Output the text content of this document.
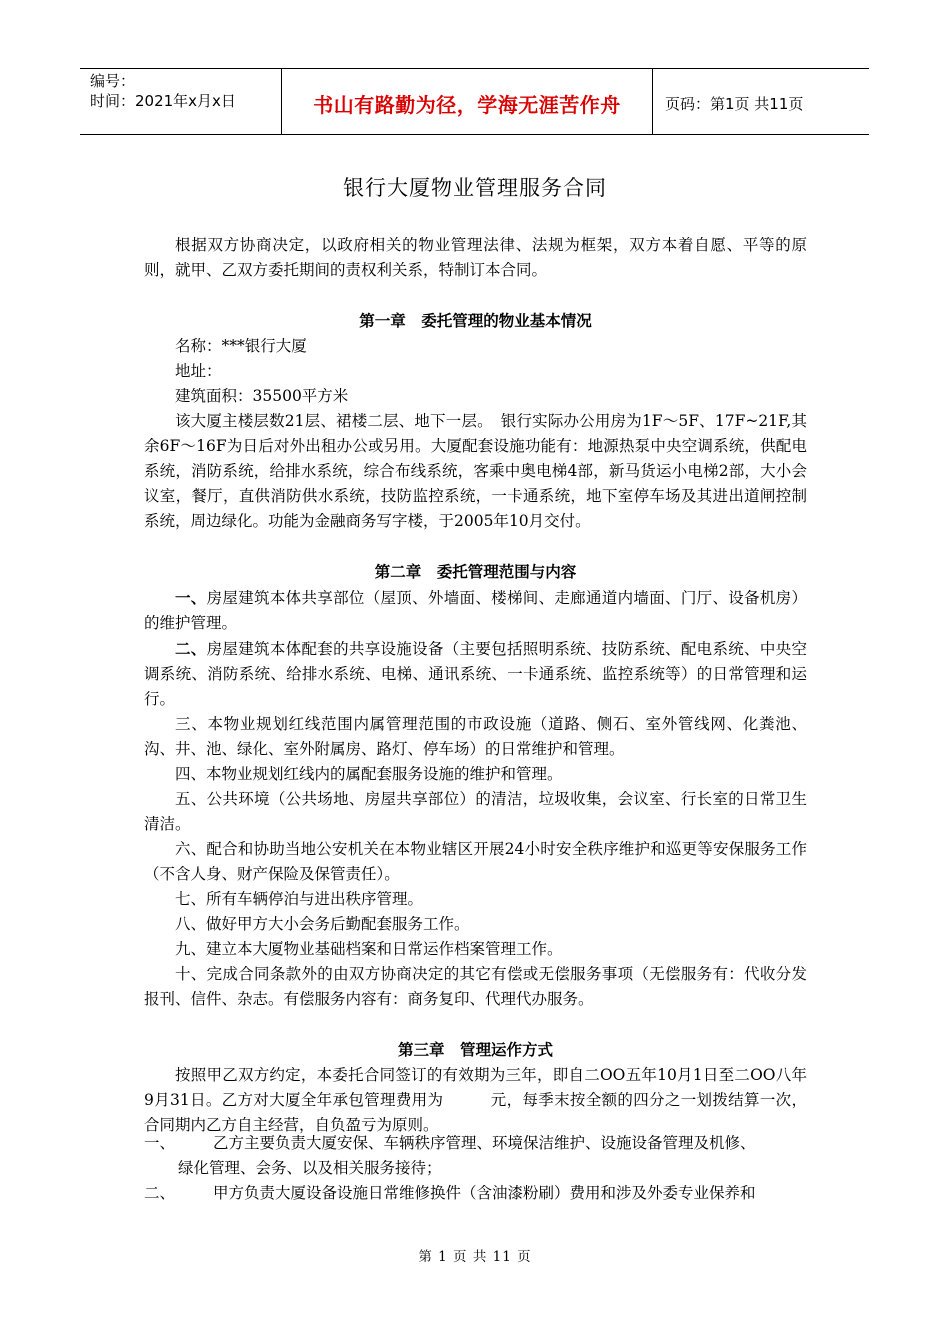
编号：
时间：2021年x月x日	书山有路勤为径，学海无涯苦作舟	页码：第1页 共11页
银行大厦物业管理服务合同

根据双方协商决定，以政府相关的物业管理法律、法规为框架，双方本着自愿、平等的原则，就甲、乙双方委托期间的责权利关系，特制订本合同。

第一章　委托管理的物业基本情况

名称：***银行大厦

地址：

建筑面积：35500平方米

该大厦主楼层数21层、裙楼二层、地下一层。　银行实际办公用房为1F～5F、17F~21F,其余6F～16F为日后对外出租办公或另用。大厦配套设施功能有：地源热泵中央空调系统，供配电系统，消防系统，给排水系统，综合布线系统，客乘中奥电梯4部，新马货运小电梯2部，大小会议室，餐厅，直供消防供水系统，技防监控系统，一卡通系统，地下室停车场及其进出道闸控制系统，周边绿化。功能为金融商务写字楼，于2005年10月交付。

第二章　委托管理范围与内容

一、房屋建筑本体共享部位（屋顶、外墙面、楼梯间、走廊通道内墙面、门厅、设备机房）的维护管理。

二、房屋建筑本体配套的共享设施设备（主要包括照明系统、技防系统、配电系统、中央空调系统、消防系统、给排水系统、电梯、通讯系统、一卡通系统、监控系统等）的日常管理和运行。

三、本物业规划红线范围内属管理范围的市政设施（道路、侧石、室外管线网、化粪池、沟、井、池、绿化、室外附属房、路灯、停车场）的日常维护和管理。

四、本物业规划红线内的属配套服务设施的维护和管理。

五、公共环境（公共场地、房屋共享部位）的清洁，垃圾收集，会议室、行长室的日常卫生清洁。

六、配合和协助当地公安机关在本物业辖区开展24小时安全秩序维护和巡更等安保服务工作（不含人身、财产保险及保管责任）。

七、所有车辆停泊与进出秩序管理。

八、做好甲方大小会务后勤配套服务工作。

九、建立本大厦物业基础档案和日常运作档案管理工作。

十、完成合同条款外的由双方协商决定的其它有偿或无偿服务事项（无偿服务有：代收分发报刊、信件、杂志。有偿服务内容有：商务复印、代理代办服务。

第三章　管理运作方式

按照甲乙双方约定，本委托合同签订的有效期为三年，即自二OO五年10月1日至二OO八年9月31日。乙方对大厦全年承包管理费用为　　　元，每季末按全额的四分之一划拨结算一次，合同期内乙方自主经营，自负盈亏为原则。

一、	乙方主要负责大厦安保、车辆秩序管理、环境保洁维护、设施设备管理及机修、

绿化管理、会务、以及相关服务接待；

二、	甲方负责大厦设备设施日常维修换件（含油漆粉刷）费用和涉及外委专业保养和
第 1 页 共 11 页
